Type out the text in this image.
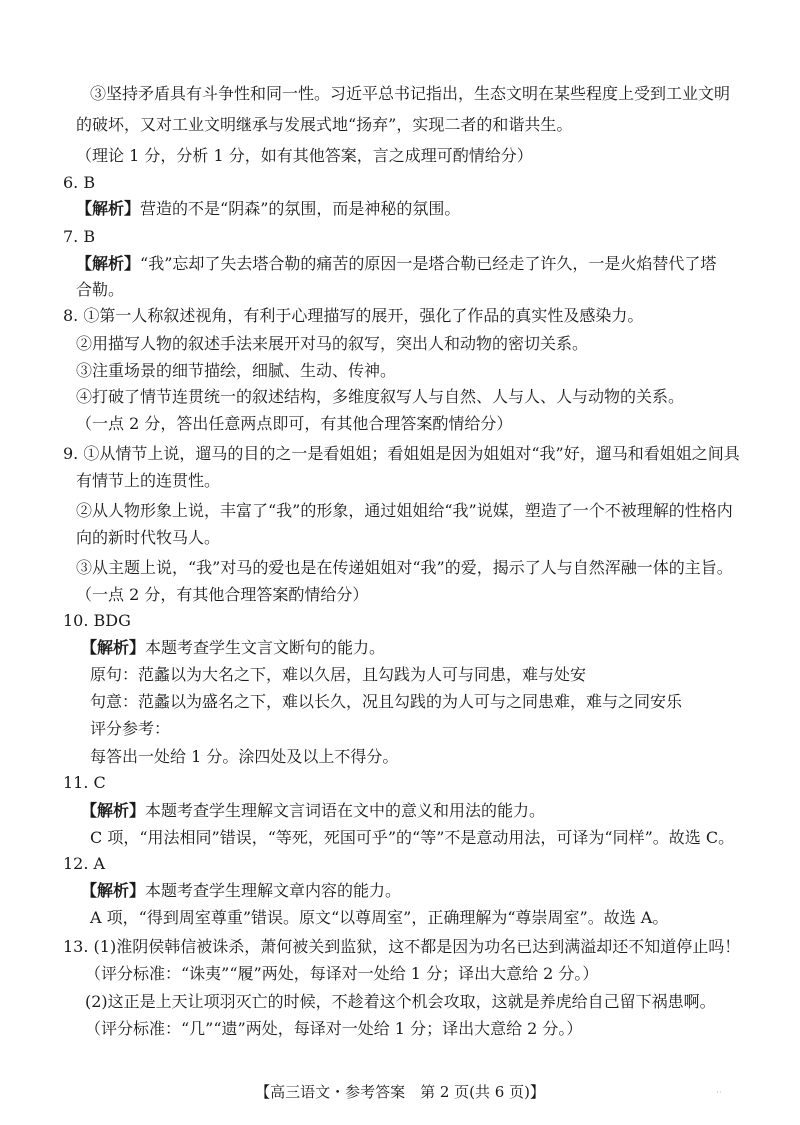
③坚持矛盾具有斗争性和同一性。习近平总书记指出，生态文明在某些程度上受到工业文明
的破坏，又对工业文明继承与发展式地“扬弃”，实现二者的和谐共生。
（理论 1 分，分析 1 分，如有其他答案，言之成理可酌情给分）
6. B
【解析】营造的不是“阴森”的氛围，而是神秘的氛围。
7. B
【解析】“我”忘却了失去塔合勒的痛苦的原因一是塔合勒已经走了许久，一是火焰替代了塔
合勒。
8. ①第一人称叙述视角，有利于心理描写的展开，强化了作品的真实性及感染力。
②用描写人物的叙述手法来展开对马的叙写，突出人和动物的密切关系。
③注重场景的细节描绘，细腻、生动、传神。
④打破了情节连贯统一的叙述结构，多维度叙写人与自然、人与人、人与动物的关系。
（一点 2 分，答出任意两点即可，有其他合理答案酌情给分）
9. ①从情节上说，遛马的目的之一是看姐姐；看姐姐是因为姐姐对“我”好，遛马和看姐姐之间具
有情节上的连贯性。
②从人物形象上说，丰富了“我”的形象，通过姐姐给“我”说媒，塑造了一个不被理解的性格内
向的新时代牧马人。
③从主题上说，“我”对马的爱也是在传递姐姐对“我”的爱，揭示了人与自然浑融一体的主旨。
（一点 2 分，有其他合理答案酌情给分）
10. BDG
【解析】本题考查学生文言文断句的能力。
原句：范蠡以为大名之下，难以久居，且勾践为人可与同患，难与处安
句意：范蠡以为盛名之下，难以长久，况且勾践的为人可与之同患难，难与之同安乐
评分参考：
每答出一处给 1 分。涂四处及以上不得分。
11. C
【解析】本题考查学生理解文言词语在文中的意义和用法的能力。
C 项，“用法相同”错误，“等死，死国可乎”的“等”不是意动用法，可译为“同样”。故选 C。
12. A
【解析】本题考查学生理解文章内容的能力。
A 项，“得到周室尊重”错误。原文“以尊周室”，正确理解为“尊崇周室”。故选 A。
13. (1)淮阴侯韩信被诛杀，萧何被关到监狱，这不都是因为功名已达到满溢却还不知道停止吗！
（评分标准：“诛夷”“履”两处，每译对一处给 1 分；译出大意给 2 分。）
(2)这正是上天让项羽灭亡的时候，不趁着这个机会攻取，这就是养虎给自己留下祸患啊。
（评分标准：“几”“遗”两处，每译对一处给 1 分；译出大意给 2 分。）
【高三语文・参考答案　第 2 页(共 6 页)】	··
